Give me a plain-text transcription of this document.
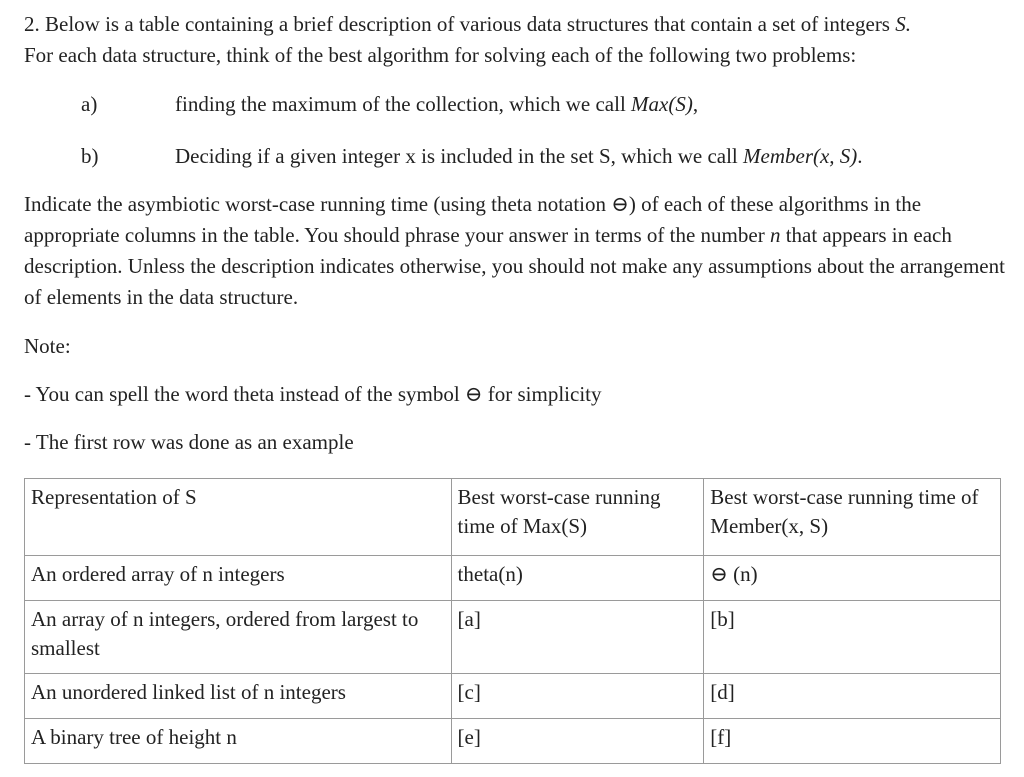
2. Below is a table containing a brief description of various data structures that contain a set of integers S.
For each data structure, think of the best algorithm for solving each of the following two problems:

a)	finding the maximum of the collection, which we call Max(S),
b)	Deciding if a given integer x is included in the set S, which we call Member(x, S).

Indicate the asymbiotic worst-case running time (using theta notation ⊖) of each of these algorithms in the appropriate columns in the table. You should phrase your answer in terms of the number n that appears in each description. Unless the description indicates otherwise, you should not make any assumptions about the arrangement of elements in the data structure.

Note:

- You can spell the word theta instead of the symbol ⊖ for simplicity

- The first row was done as an example

Representation of S	Best worst-case running time of Max(S)	Best worst-case running time of Member(x, S)
An ordered array of n integers	theta(n)	⊖ (n)
An array of n integers, ordered from largest to smallest	[a]	[b]
An unordered linked list of n integers	[c]	[d]
A binary tree of height n	[e]	[f]
